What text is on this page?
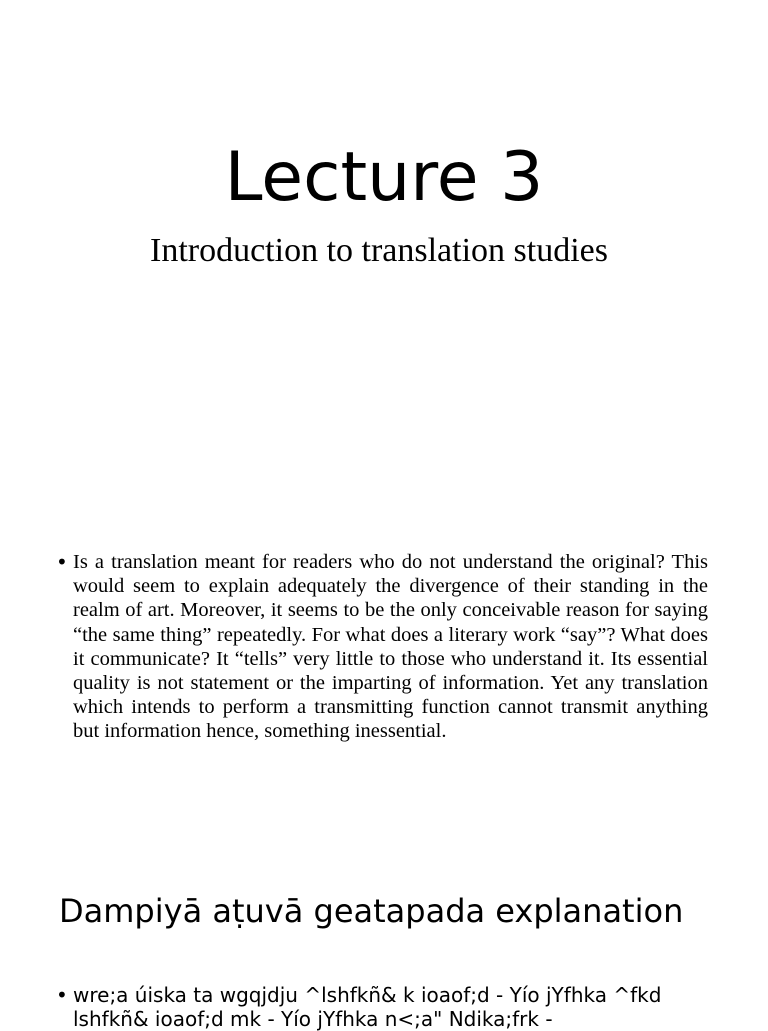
Lecture 3
Introduction to translation studies
• Is a translation meant for readers who do not understand the original? This would seem to explain adequately the divergence of their standing in the realm of art. Moreover, it seems to be the only conceivable reason for saying “the same thing” repeatedly. For what does a literary work “say”? What does it communicate? It “tells” very little to those who understand it. Its essential quality is not statement or the imparting of information. Yet any translation which intends to perform a transmitting function cannot transmit anything but information hence, something inessential.
Dampiyā aṭuvā geatapada explanation
• wre;a úiska ta wgqjdju ^lshfkñ& k ioaof;d - Yío jYfhka ^fkd lshfkñ& ioaof;d mk - Yío jYfhka n<;a" Ndika;frk -
